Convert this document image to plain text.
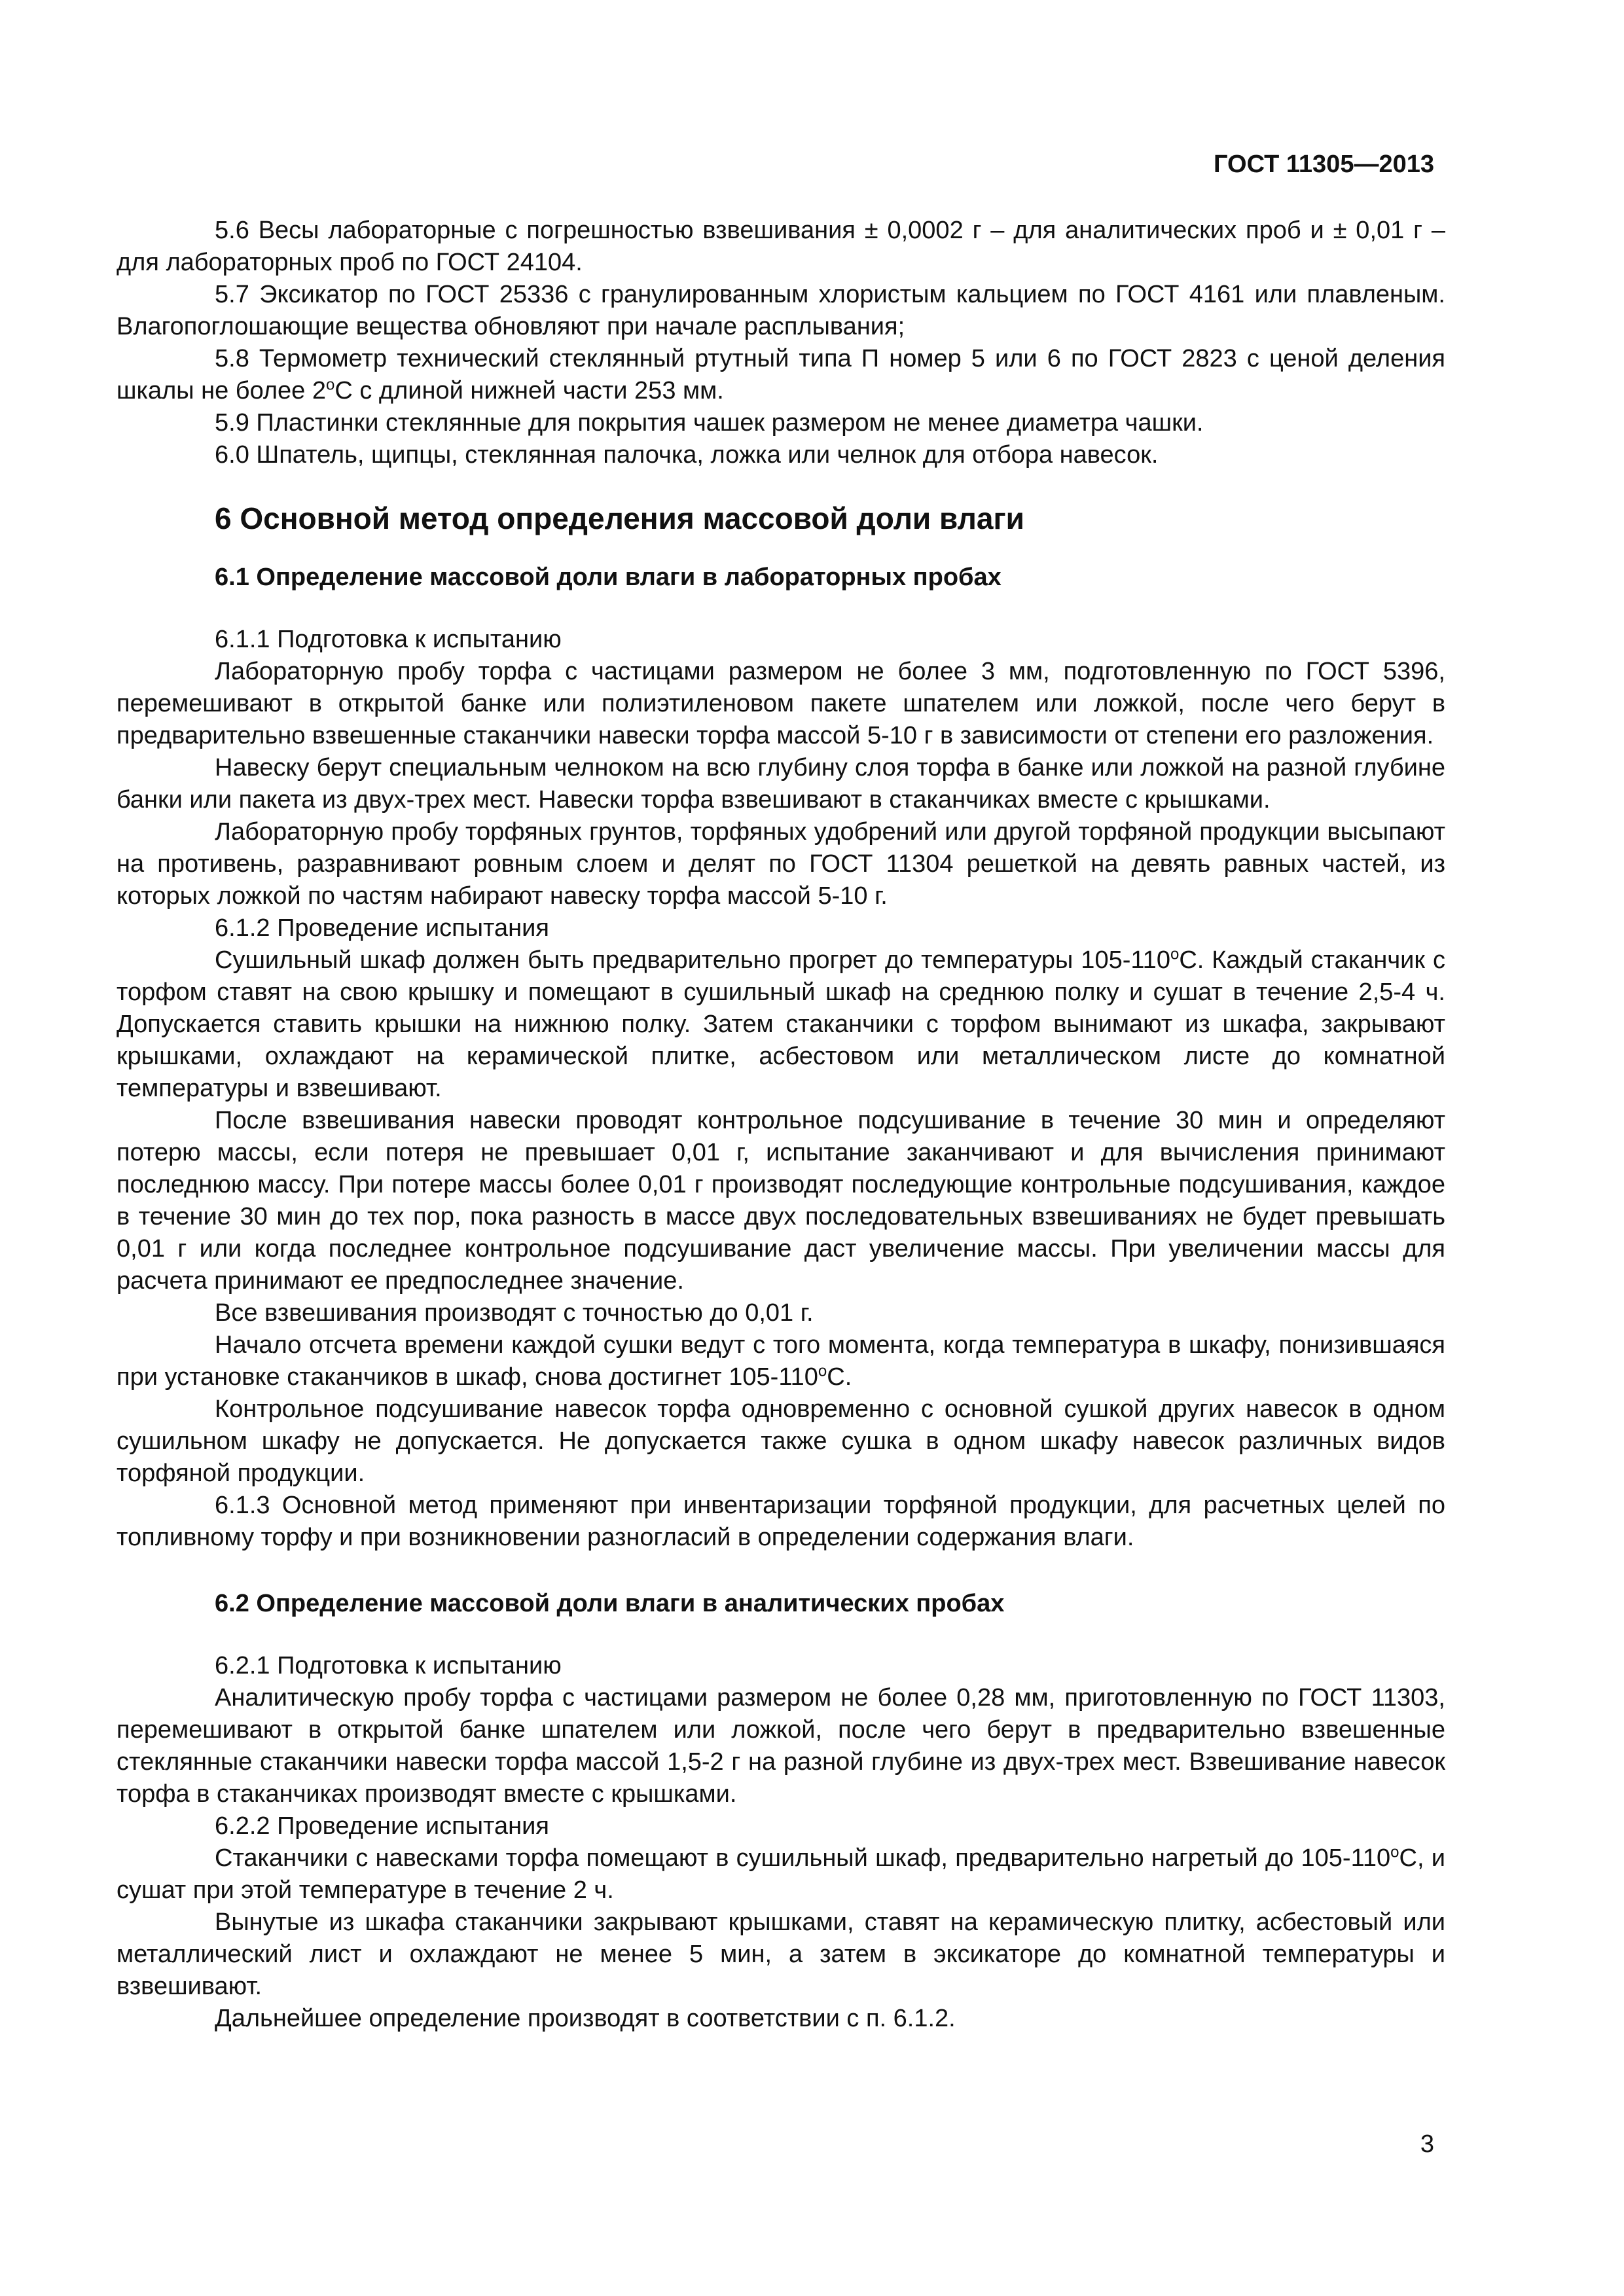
ГОСТ 11305—2013

5.6 Весы лабораторные с погрешностью взвешивания ± 0,0002 г – для аналитических проб и ± 0,01 г – для лабораторных проб по ГОСТ 24104.

5.7 Эксикатор по ГОСТ 25336 с гранулированным хлористым кальцием по ГОСТ 4161 или плавленым. Влагопоглошающие вещества обновляют при начале расплывания;

5.8 Термометр технический стеклянный ртутный типа П номер 5 или 6 по ГОСТ 2823 с ценой деления шкалы не более $2^оС$ с длиной нижней части 253 мм.

5.9 Пластинки стеклянные для покрытия чашек размером не менее диаметра чашки.

6.0 Шпатель, щипцы, стеклянная палочка, ложка или челнок для отбора навесок.

6 Основной метод определения массовой доли влаги
6.1 Определение массовой доли влаги в лабораторных пробах

6.1.1 Подготовка к испытанию

Лабораторную пробу торфа с частицами размером не более 3 мм, подготовленную по ГОСТ 5396, перемешивают в открытой банке или полиэтиленовом пакете шпателем или ложкой, после чего берут в предварительно взвешенные стаканчики навески торфа массой 5-10 г в зависимости от степени его разложения.

Навеску берут специальным челноком на всю глубину слоя торфа в банке или ложкой на разной глубине банки или пакета из двух-трех мест. Навески торфа взвешивают в стаканчиках вместе с крышками.

Лабораторную пробу торфяных грунтов, торфяных удобрений или другой торфяной продукции высыпают на противень, разравнивают ровным слоем и делят по ГОСТ 11304 решеткой на девять равных частей, из которых ложкой по частям набирают навеску торфа массой 5-10 г.

6.1.2 Проведение испытания

Сушильный шкаф должен быть предварительно прогрет до температуры $105-110^оС$. Каждый стаканчик с торфом ставят на свою крышку и помещают в сушильный шкаф на среднюю полку и сушат в течение 2,5-4 ч. Допускается ставить крышки на нижнюю полку. Затем стаканчики с торфом вынимают из шкафа, закрывают крышками, охлаждают на керамической плитке, асбестовом или металлическом листе до комнатной температуры и взвешивают.

После взвешивания навески проводят контрольное подсушивание в течение 30 мин и определяют потерю массы, если потеря не превышает 0,01 г, испытание заканчивают и для вычисления принимают последнюю массу. При потере массы более 0,01 г производят последующие контрольные подсушивания, каждое в течение 30 мин до тех пор, пока разность в массе двух последовательных взвешиваниях не будет превышать 0,01 г или когда последнее контрольное подсушивание даст увеличение массы. При увеличении массы для расчета принимают ее предпоследнее значение.

Все взвешивания производят с точностью до 0,01 г.

Начало отсчета времени каждой сушки ведут с того момента, когда температура в шкафу, понизившаяся при установке стаканчиков в шкаф, снова достигнет $105-110^оС$.

Контрольное подсушивание навесок торфа одновременно с основной сушкой других навесок в одном сушильном шкафу не допускается. Не допускается также сушка в одном шкафу навесок различных видов торфяной продукции.

6.1.3 Основной метод применяют при инвентаризации торфяной продукции, для расчетных целей по топливному торфу и при возникновении разногласий в определении содержания влаги.

6.2 Определение массовой доли влаги в аналитических пробах

6.2.1 Подготовка к испытанию

Аналитическую пробу торфа с частицами размером не более 0,28 мм, приготовленную по ГОСТ 11303, перемешивают в открытой банке шпателем или ложкой, после чего берут в предварительно взвешенные стеклянные стаканчики навески торфа массой 1,5-2 г на разной глубине из двух-трех мест. Взвешивание навесок торфа в стаканчиках производят вместе с крышками.

6.2.2 Проведение испытания

Стаканчики с навесками торфа помещают в сушильный шкаф, предварительно нагретый до $105-110^оС$, и сушат при этой температуре в течение 2 ч.

Вынутые из шкафа стаканчики закрывают крышками, ставят на керамическую плитку, асбестовый или металлический лист и охлаждают не менее 5 мин, а затем в эксикаторе до комнатной температуры и взвешивают.

Дальнейшее определение производят в соответствии с п. 6.1.2.

3
